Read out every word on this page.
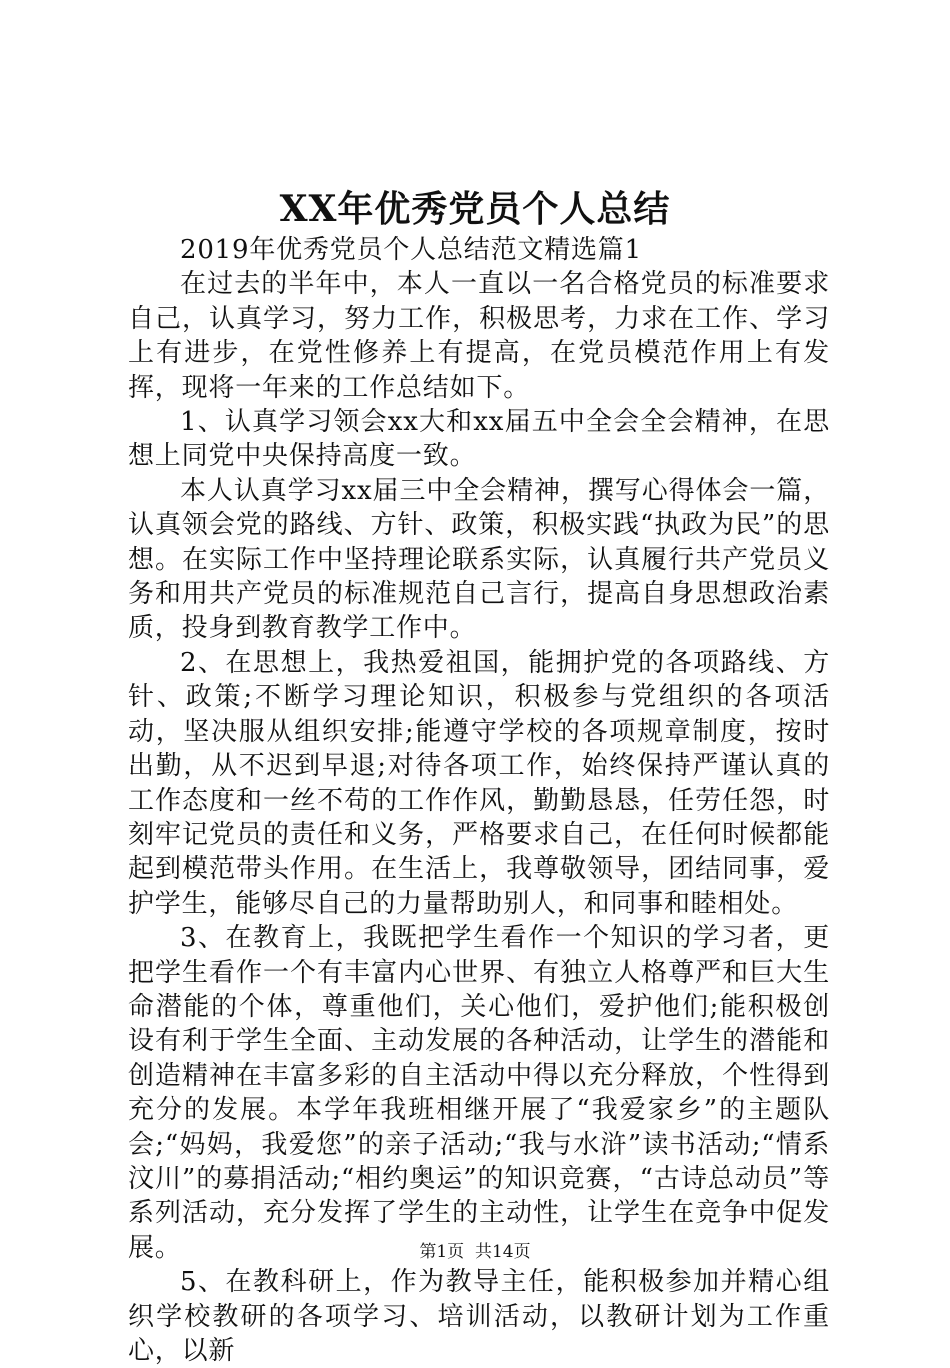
XX年优秀党员个人总结

2019年优秀党员个人总结范文精选篇1

在过去的半年中，本人一直以一名合格党员的标准要求自己，认真学习，努力工作，积极思考，力求在工作、学习上有进步，在党性修养上有提高，在党员模范作用上有发挥，现将一年来的工作总结如下。

1、认真学习领会xx大和xx届五中全会全会精神，在思想上同党中央保持高度一致。

本人认真学习xx届三中全会精神，撰写心得体会一篇，认真领会党的路线、方针、政策，积极实践“执政为民”的思想。在实际工作中坚持理论联系实际，认真履行共产党员义务和用共产党员的标准规范自己言行，提高自身思想政治素质，投身到教育教学工作中。

2、在思想上，我热爱祖国，能拥护党的各项路线、方针、政策;不断学习理论知识，积极参与党组织的各项活动，坚决服从组织安排;能遵守学校的各项规章制度，按时出勤，从不迟到早退;对待各项工作，始终保持严谨认真的工作态度和一丝不苟的工作作风，勤勤恳恳，任劳任怨，时刻牢记党员的责任和义务，严格要求自己，在任何时候都能起到模范带头作用。在生活上，我尊敬领导，团结同事，爱护学生，能够尽自己的力量帮助别人，和同事和睦相处。

3、在教育上，我既把学生看作一个知识的学习者，更把学生看作一个有丰富内心世界、有独立人格尊严和巨大生命潜能的个体，尊重他们，关心他们，爱护他们;能积极创设有利于学生全面、主动发展的各种活动，让学生的潜能和创造精神在丰富多彩的自主活动中得以充分释放，个性得到充分的发展。本学年我班相继开展了“我爱家乡”的主题队会;“妈妈，我爱您”的亲子活动;“我与水浒”读书活动;“情系汶川”的募捐活动;“相约奥运”的知识竞赛，“古诗总动员”等系列活动，充分发挥了学生的主动性，让学生在竞争中促发展。

5、在教科研上，作为教导主任，能积极参加并精心组织学校教研的各项学习、培训活动，以教研计划为工作重心，以新

第1页  共14页
